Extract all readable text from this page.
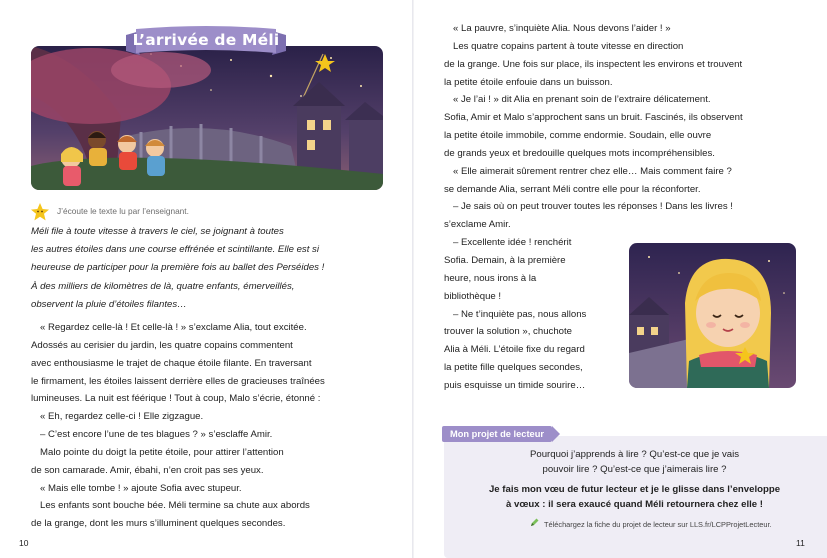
L’arrivée de Méli
J’écoute le texte lu par l’enseignant.
Méli file à toute vitesse à travers le ciel, se joignant à toutes
les autres étoiles dans une course effrénée et scintillante. Elle est si
heureuse de participer pour la première fois au ballet des Perséides !
À des milliers de kilomètres de là, quatre enfants, émerveillés,
observent la pluie d’étoiles filantes…
« Regardez celle-là ! Et celle-là ! » s’exclame Alia, tout excitée.
Adossés au cerisier du jardin, les quatre copains commentent
avec enthousiasme le trajet de chaque étoile filante. En traversant
le firmament, les étoiles laissent derrière elles de gracieuses traînées
lumineuses. La nuit est féérique ! Tout à coup, Malo s’écrie, étonné :
« Eh, regardez celle-ci ! Elle zigzague.
– C’est encore l’une de tes blagues ? » s’esclaffe Amir.
Malo pointe du doigt la petite étoile, pour attirer l’attention
de son camarade. Amir, ébahi, n’en croit pas ses yeux.
« Mais elle tombe ! » ajoute Sofia avec stupeur.
Les enfants sont bouche bée. Méli termine sa chute aux abords
de la grange, dont les murs s’illuminent quelques secondes.
10
« La pauvre, s’inquiète Alia. Nous devons l’aider ! »
Les quatre copains partent à toute vitesse en direction
de la grange. Une fois sur place, ils inspectent les environs et trouvent
la petite étoile enfouie dans un buisson.
« Je l’ai ! » dit Alia en prenant soin de l’extraire délicatement.
Sofia, Amir et Malo s’approchent sans un bruit. Fascinés, ils observent
la petite étoile immobile, comme endormie. Soudain, elle ouvre
de grands yeux et bredouille quelques mots incompréhensibles.
« Elle aimerait sûrement rentrer chez elle… Mais comment faire ?
se demande Alia, serrant Méli contre elle pour la réconforter.
– Je sais où on peut trouver toutes les réponses ! Dans les livres !
s’exclame Amir.
– Excellente idée ! renchérit
Sofia. Demain, à la première
heure, nous irons à la
bibliothèque !
– Ne t’inquiète pas, nous allons
trouver la solution », chuchote
Alia à Méli. L’étoile fixe du regard
la petite fille quelques secondes,
puis esquisse un timide sourire…
Mon projet de lecteur
Pourquoi j’apprends à lire ? Qu’est-ce que je vais
pouvoir lire ? Qu’est-ce que j’aimerais lire ?
Je fais mon vœu de futur lecteur et je le glisse dans l’enveloppe
à vœux : il sera exaucé quand Méli retournera chez elle !
Téléchargez la fiche du projet de lecteur sur LLS.fr/LCPProjetLecteur.
11
